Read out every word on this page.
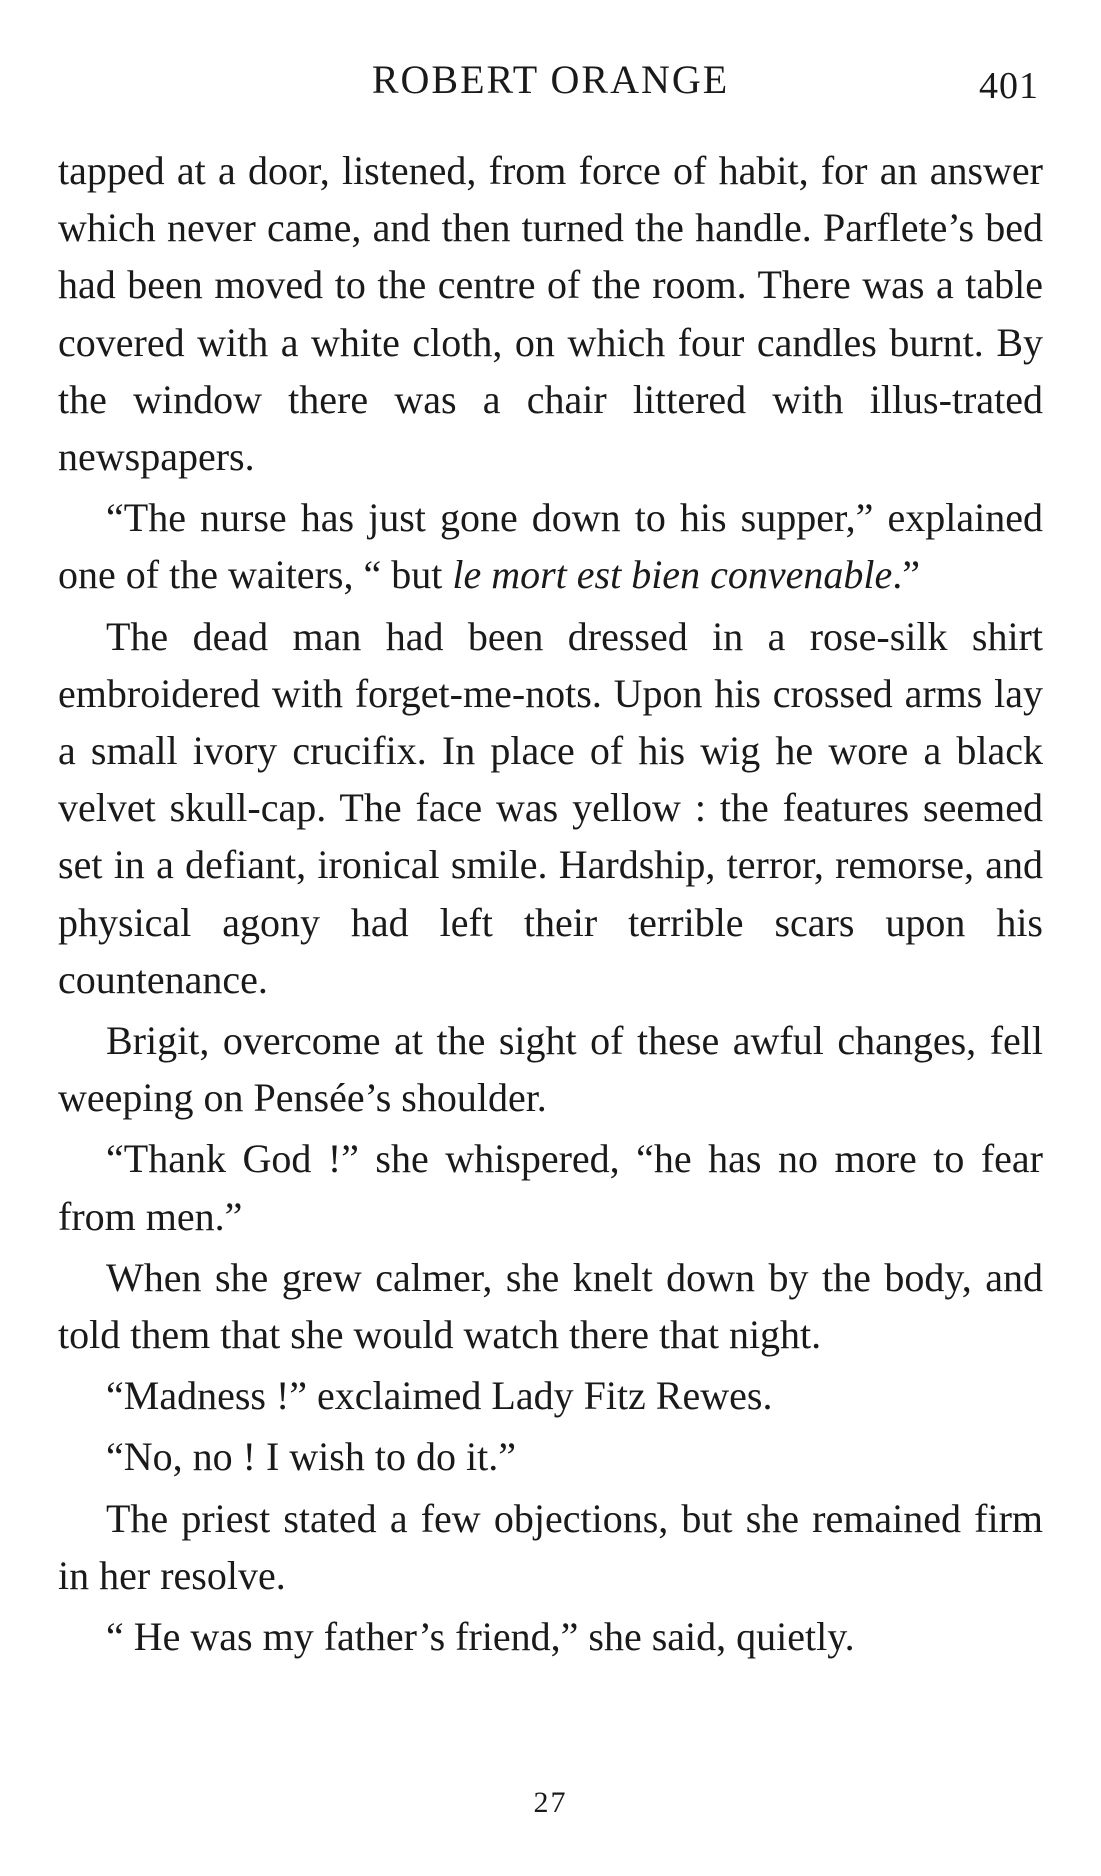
ROBERT ORANGE	401

tapped at a door, listened, from force of habit, for an answer which never came, and then turned the handle. Parflete’s bed had been moved to the centre of the room. There was a table covered with a white cloth, on which four candles burnt. By the window there was a chair littered with illus-trated newspapers.

“The nurse has just gone down to his supper,” explained one of the waiters, “ but le mort est bien convenable.”

The dead man had been dressed in a rose-silk shirt embroidered with forget-me-nots. Upon his crossed arms lay a small ivory crucifix. In place of his wig he wore a black velvet skull-cap. The face was yellow : the features seemed set in a defiant, ironical smile. Hardship, terror, remorse, and physical agony had left their terrible scars upon his countenance.

Brigit, overcome at the sight of these awful changes, fell weeping on Pensée’s shoulder.

“Thank God !” she whispered, “he has no more to fear from men.”

When she grew calmer, she knelt down by the body, and told them that she would watch there that night.

“Madness !” exclaimed Lady Fitz Rewes.

“No, no ! I wish to do it.”

The priest stated a few objections, but she remained firm in her resolve.

“ He was my father’s friend,” she said, quietly.

27
